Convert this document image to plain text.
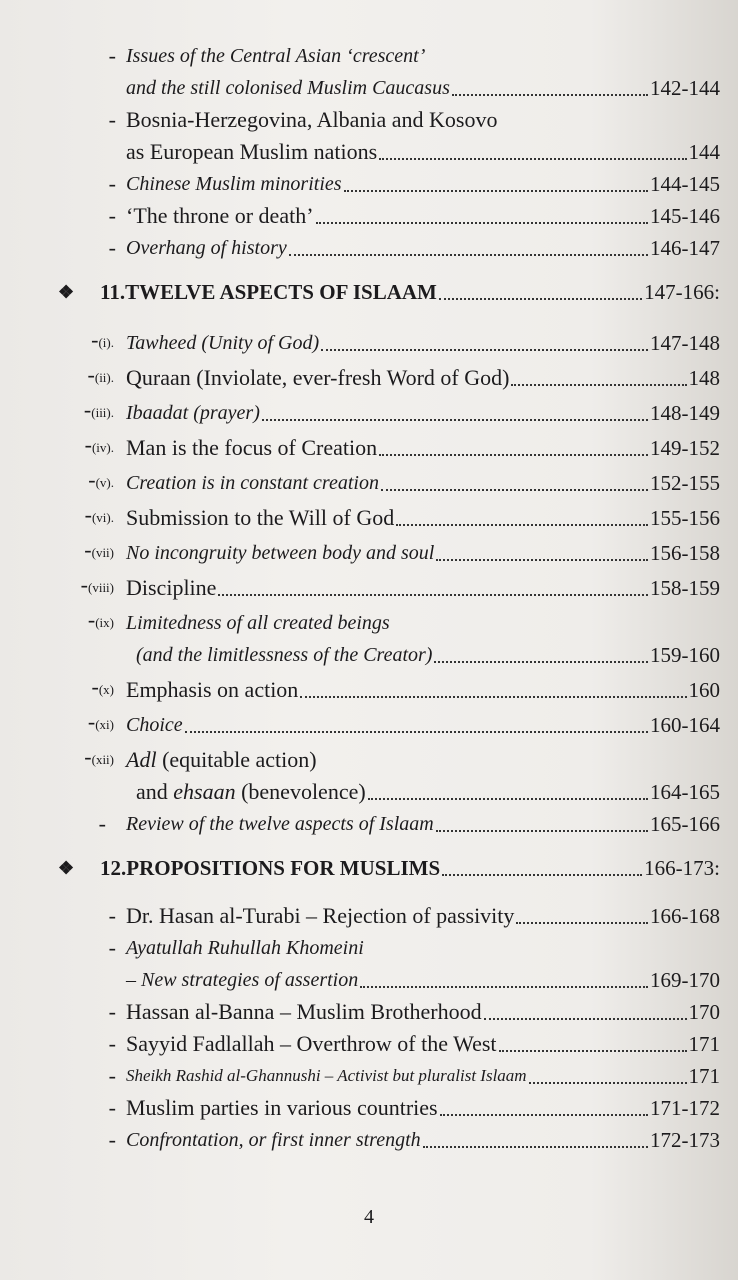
- Issues of the Central Asian ‘crescent’
and the still colonised Muslim Caucasus	142-144
- Bosnia-Herzegovina, Albania and Kosovo
as European Muslim nations	144
- Chinese Muslim minorities	144-145
- ‘The throne or death’	145-146
- Overhang of history	146-147
❖	11.TWELVE ASPECTS OF ISLAAM	147-166:
-(i). Tawheed (Unity of God)	147-148
-(ii). Quraan (Inviolate, ever-fresh Word of God)	148
-(iii). Ibaadat (prayer)	148-149
-(iv). Man is the focus of Creation	149-152
-(v). Creation is in constant creation	152-155
-(vi). Submission to the Will of God	155-156
-(vii) No incongruity between body and soul	156-158
-(viii) Discipline	158-159
-(ix) Limitedness of all created beings
(and the limitlessness of the Creator)	159-160
-(x) Emphasis on action	160
-(xi) Choice	160-164
-(xii) Adl (equitable action)
and ehsaan (benevolence)	164-165
-	Review of the twelve aspects of Islaam	165-166
❖	12.PROPOSITIONS FOR MUSLIMS	166-173:
- Dr. Hasan al-Turabi – Rejection of passivity	166-168
- Ayatullah Ruhullah Khomeini
– New strategies of assertion	169-170
- Hassan al-Banna – Muslim Brotherhood	170
- Sayyid Fadlallah – Overthrow of the West	171
- Sheikh Rashid al-Ghannushi – Activist but pluralist Islaam	171
- Muslim parties in various countries	171-172
- Confrontation, or first inner strength	172-173
4
